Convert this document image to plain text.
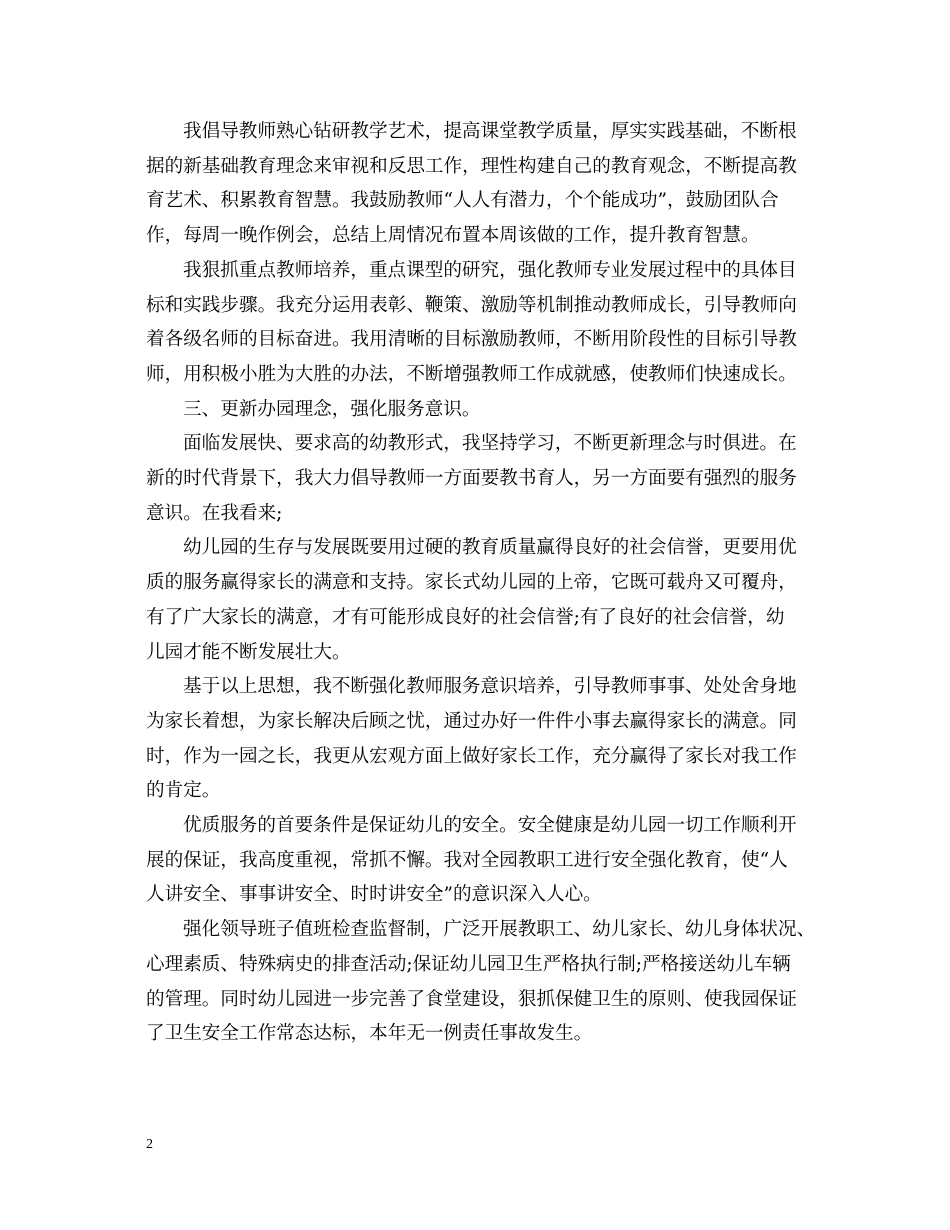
我倡导教师熟心钻研教学艺术，提高课堂教学质量，厚实实践基础，不断根
据的新基础教育理念来审视和反思工作，理性构建自己的教育观念，不断提高教
育艺术、积累教育智慧。我鼓励教师“人人有潜力，个个能成功”，鼓励团队合
作，每周一晚作例会，总结上周情况布置本周该做的工作，提升教育智慧。

我狠抓重点教师培养，重点课型的研究，强化教师专业发展过程中的具体目
标和实践步骤。我充分运用表彰、鞭策、激励等机制推动教师成长，引导教师向
着各级名师的目标奋进。我用清晰的目标激励教师，不断用阶段性的目标引导教
师，用积极小胜为大胜的办法，不断增强教师工作成就感，使教师们快速成长。

三、更新办园理念，强化服务意识。

面临发展快、要求高的幼教形式，我坚持学习，不断更新理念与时俱进。在
新的时代背景下，我大力倡导教师一方面要教书育人，另一方面要有强烈的服务
意识。在我看来;

幼儿园的生存与发展既要用过硬的教育质量赢得良好的社会信誉，更要用优
质的服务赢得家长的满意和支持。家长式幼儿园的上帝，它既可载舟又可覆舟，
有了广大家长的满意，才有可能形成良好的社会信誉;有了良好的社会信誉，幼
儿园才能不断发展壮大。

基于以上思想，我不断强化教师服务意识培养，引导教师事事、处处舍身地
为家长着想，为家长解决后顾之忧，通过办好一件件小事去赢得家长的满意。同
时，作为一园之长，我更从宏观方面上做好家长工作，充分赢得了家长对我工作
的肯定。

优质服务的首要条件是保证幼儿的安全。安全健康是幼儿园一切工作顺利开
展的保证，我高度重视，常抓不懈。我对全园教职工进行安全强化教育，使“人
人讲安全、事事讲安全、时时讲安全”的意识深入人心。

强化领导班子值班检查监督制，广泛开展教职工、幼儿家长、幼儿身体状况、
心理素质、特殊病史的排查活动;保证幼儿园卫生严格执行制;严格接送幼儿车辆
的管理。同时幼儿园进一步完善了食堂建设，狠抓保健卫生的原则、使我园保证
了卫生安全工作常态达标，本年无一例责任事故发生。

2
